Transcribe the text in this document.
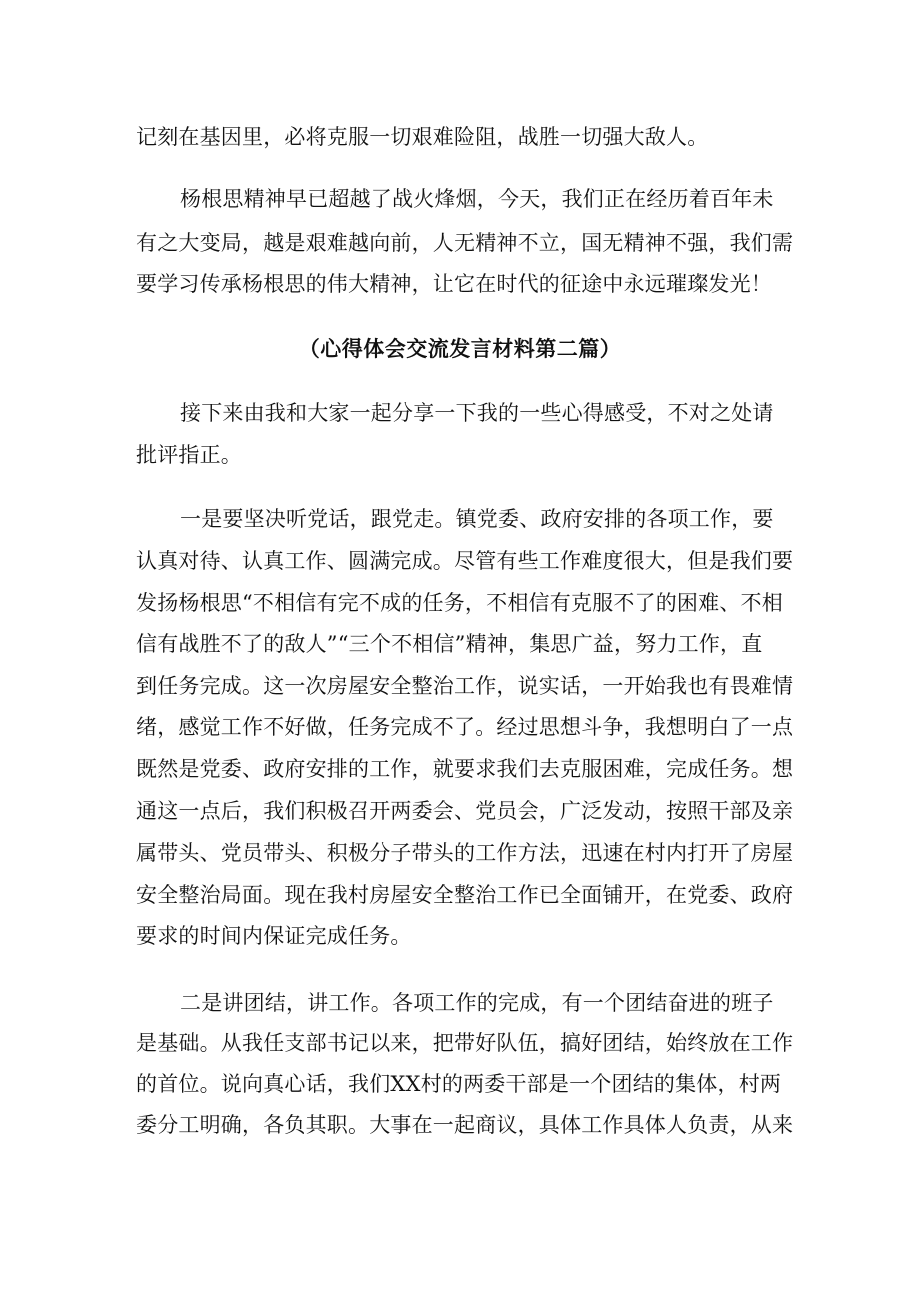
记刻在基因里，必将克服一切艰难险阻，战胜一切强大敌人。
杨根思精神早已超越了战火烽烟，今天，我们正在经历着百年未
有之大变局，越是艰难越向前，人无精神不立，国无精神不强，我们需
要学习传承杨根思的伟大精神，让它在时代的征途中永远璀璨发光！
（心得体会交流发言材料第二篇）
接下来由我和大家一起分享一下我的一些心得感受，不对之处请
批评指正。
一是要坚决听党话，跟党走。镇党委、政府安排的各项工作，要
认真对待、认真工作、圆满完成。尽管有些工作难度很大，但是我们要
发扬杨根思“不相信有完不成的任务，不相信有克服不了的困难、不相
信有战胜不了的敌人”“三个不相信”精神，集思广益，努力工作，直
到任务完成。这一次房屋安全整治工作，说实话，一开始我也有畏难情
绪，感觉工作不好做，任务完成不了。经过思想斗争，我想明白了一点
既然是党委、政府安排的工作，就要求我们去克服困难，完成任务。想
通这一点后，我们积极召开两委会、党员会，广泛发动，按照干部及亲
属带头、党员带头、积极分子带头的工作方法，迅速在村内打开了房屋
安全整治局面。现在我村房屋安全整治工作已全面铺开，在党委、政府
要求的时间内保证完成任务。
二是讲团结，讲工作。各项工作的完成，有一个团结奋进的班子
是基础。从我任支部书记以来，把带好队伍，搞好团结，始终放在工作
的首位。说向真心话，我们XX村的两委干部是一个团结的集体，村两
委分工明确，各负其职。大事在一起商议，具体工作具体人负责，从来
